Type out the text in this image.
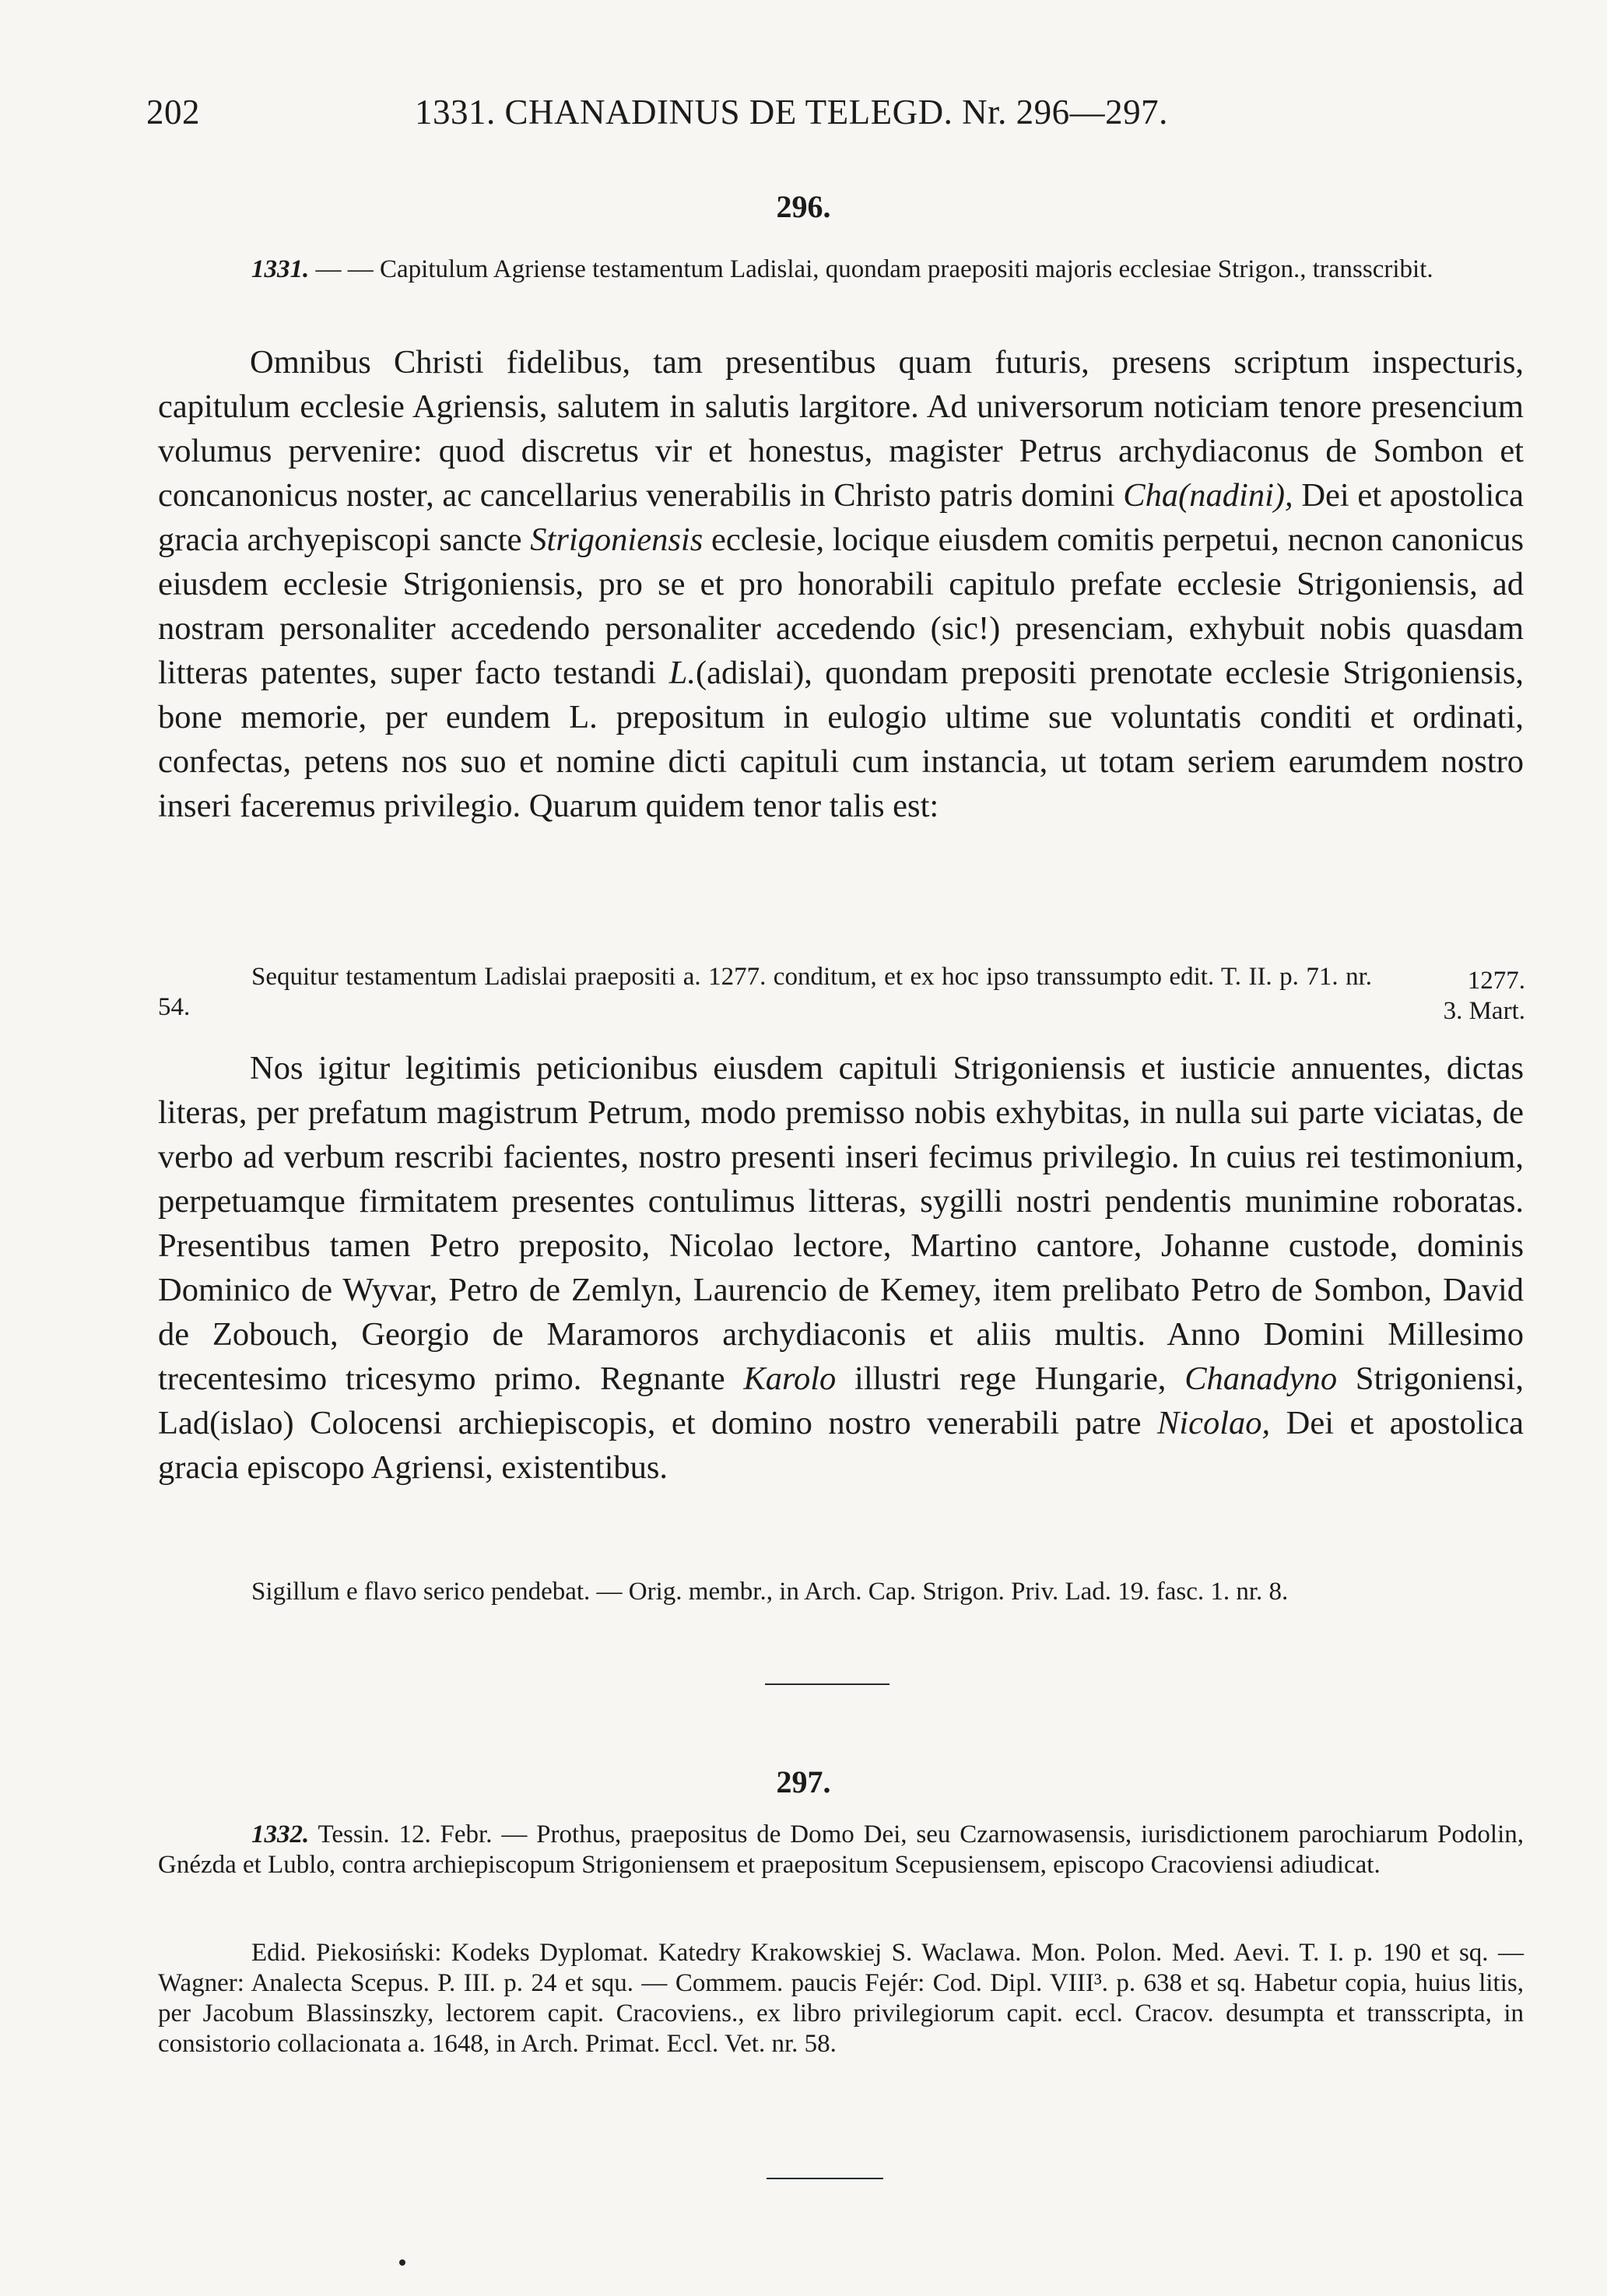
202	1331. CHANADINUS DE TELEGD. Nr. 296—297.
296.

1331. — — Capitulum Agriense testamentum Ladislai, quondam praepositi majoris ecclesiae Strigon., transscribit.

Omnibus Christi fidelibus, tam presentibus quam futuris, presens scriptum inspecturis, capitulum ecclesie Agriensis, salutem in salutis largitore. Ad universorum noticiam tenore presencium volumus pervenire: quod discretus vir et honestus, magister Petrus archydiaconus de Sombon et concanonicus noster, ac cancellarius venerabilis in Christo patris domini Cha(nadini), Dei et apostolica gracia archyepiscopi sancte Strigoniensis ecclesie, locique eiusdem comitis perpetui, necnon canonicus eiusdem ecclesie Strigoniensis, pro se et pro honorabili capitulo prefate ecclesie Strigoniensis, ad nostram personaliter accedendo personaliter accedendo (sic!) presenciam, exhybuit nobis quasdam litteras patentes, super facto testandi L.(adislai), quondam prepositi prenotate ecclesie Strigoniensis, bone memorie, per eundem L. prepositum in eulogio ultime sue voluntatis conditi et ordinati, confectas, petens nos suo et nomine dicti capituli cum instancia, ut totam seriem earumdem nostro inseri faceremus privilegio. Quarum quidem tenor talis est:

Sequitur testamentum Ladislai praepositi a. 1277. conditum, et ex hoc ipso transsumpto edit. T. II. p. 71. nr. 54.

1277.
3. Mart.

Nos igitur legitimis peticionibus eiusdem capituli Strigoniensis et iusticie annuentes, dictas literas, per prefatum magistrum Petrum, modo premisso nobis exhybitas, in nulla sui parte viciatas, de verbo ad verbum rescribi facientes, nostro presenti inseri fecimus privilegio. In cuius rei testimonium, perpetuamque firmitatem presentes contulimus litteras, sygilli nostri pendentis munimine roboratas. Presentibus tamen Petro preposito, Nicolao lectore, Martino cantore, Johanne custode, dominis Dominico de Wyvar, Petro de Zemlyn, Laurencio de Kemey, item prelibato Petro de Sombon, David de Zobouch, Georgio de Maramoros archydiaconis et aliis multis. Anno Domini Millesimo trecentesimo tricesymo primo. Regnante Karolo illustri rege Hungarie, Chanadyno Strigoniensi, Lad(islao) Colocensi archiepiscopis, et domino nostro venerabili patre Nicolao, Dei et apostolica gracia episcopo Agriensi, existentibus.

Sigillum e flavo serico pendebat. — Orig. membr., in Arch. Cap. Strigon. Priv. Lad. 19. fasc. 1. nr. 8.

297.

1332. Tessin. 12. Febr. — Prothus, praepositus de Domo Dei, seu Czarnowasensis, iurisdictionem parochiarum Podolin, Gnézda et Lublo, contra archiepiscopum Strigoniensem et praepositum Scepusiensem, episcopo Cracoviensi adiudicat.

Edid. Piekosiński: Kodeks Dyplomat. Katedry Krakowskiej S. Waclawa. Mon. Polon. Med. Aevi. T. I. p. 190 et sq. — Wagner: Analecta Scepus. P. III. p. 24 et squ. — Commem. paucis Fejér: Cod. Dipl. VIII³. p. 638 et sq. Habetur copia, huius litis, per Jacobum Blassinszky, lectorem capit. Cracoviens., ex libro privilegiorum capit. eccl. Cracov. desumpta et transscripta, in consistorio collacionata a. 1648, in Arch. Primat. Eccl. Vet. nr. 58.
